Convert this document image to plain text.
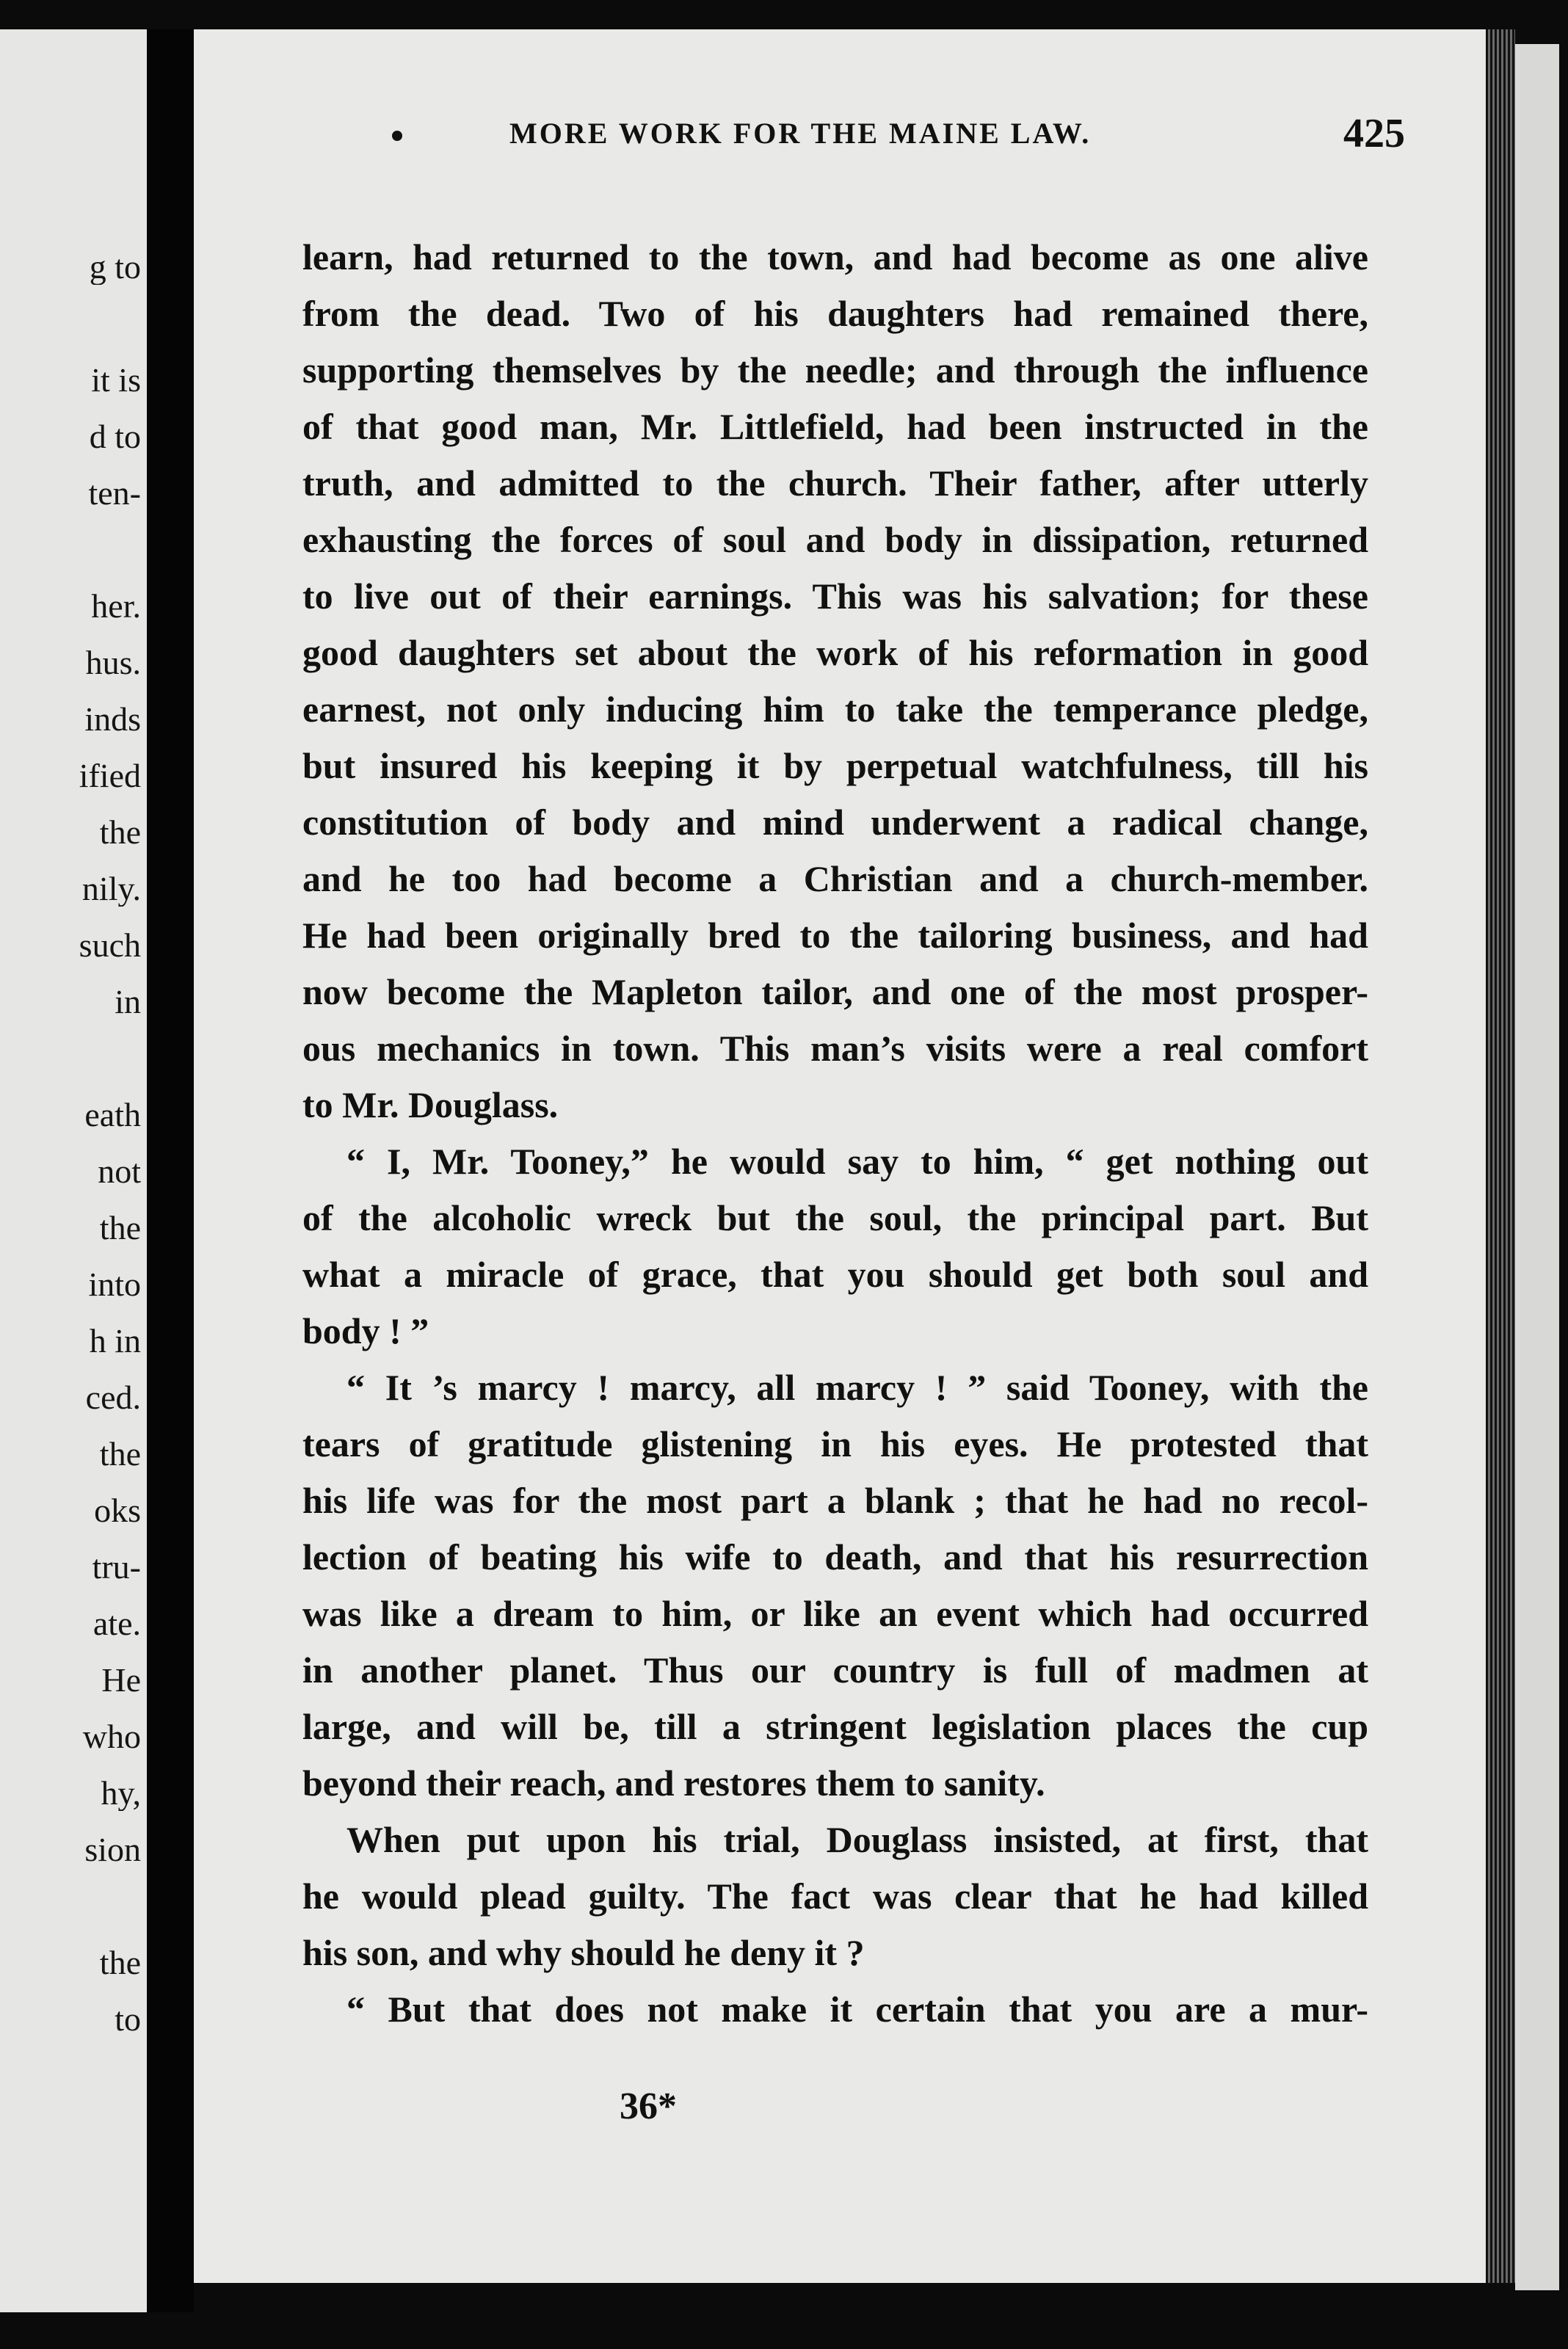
g to
it is
d to
ten-
her.
hus.
inds
ified
the
nily.
such
in
eath
not
the
into
h in
ced.
the
oks
tru-
ate.
He
who
hy,
sion
the
to
MORE WORK FOR THE MAINE LAW.	425
learn, had returned to the town, and had become as one alive
from the dead. Two of his daughters had remained there,
supporting themselves by the needle; and through the influence
of that good man, Mr. Littlefield, had been instructed in the
truth, and admitted to the church. Their father, after utterly
exhausting the forces of soul and body in dissipation, returned
to live out of their earnings. This was his salvation; for these
good daughters set about the work of his reformation in good
earnest, not only inducing him to take the temperance pledge,
but insured his keeping it by perpetual watchfulness, till his
constitution of body and mind underwent a radical change,
and he too had become a Christian and a church-member.
He had been originally bred to the tailoring business, and had
now become the Mapleton tailor, and one of the most prosper-
ous mechanics in town. This man’s visits were a real comfort
to Mr. Douglass.
“ I, Mr. Tooney,” he would say to him, “ get nothing out
of the alcoholic wreck but the soul, the principal part. But
what a miracle of grace, that you should get both soul and
body ! ”
“ It ’s marcy ! marcy, all marcy ! ” said Tooney, with the
tears of gratitude glistening in his eyes. He protested that
his life was for the most part a blank ; that he had no recol-
lection of beating his wife to death, and that his resurrection
was like a dream to him, or like an event which had occurred
in another planet. Thus our country is full of madmen at
large, and will be, till a stringent legislation places the cup
beyond their reach, and restores them to sanity.
When put upon his trial, Douglass insisted, at first, that
he would plead guilty. The fact was clear that he had killed
his son, and why should he deny it ?
“ But that does not make it certain that you are a mur-
36*
